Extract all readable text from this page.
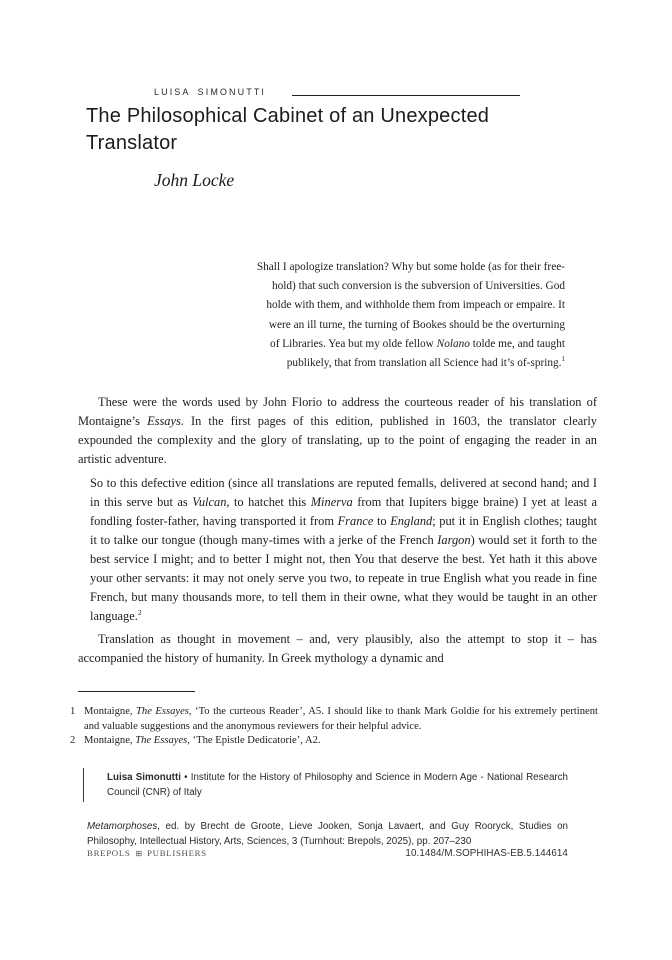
LUISA SIMONUTTI
The Philosophical Cabinet of an Unexpected Translator
John Locke
Shall I apologize translation? Why but some holde (as for their free-
hold) that such conversion is the subversion of Universities. God
holde with them, and withholde them from impeach or empaire. It
were an ill turne, the turning of Bookes should be the overturning
of Libraries. Yea but my olde fellow Nolano tolde me, and taught
publikely, that from translation all Science had it’s of-spring.$^1$

These were the words used by John Florio to address the courteous reader of his translation of Montaigne’s Essays. In the first pages of this edition, published in 1603, the translator clearly expounded the complexity and the glory of translating, up to the point of engaging the reader in an artistic adventure.

So to this defective edition (since all translations are reputed femalls, delivered at second hand; and I in this serve but as Vulcan, to hatchet this Minerva from that Iupiters bigge braine) I yet at least a fondling foster-father, having transported it from France to England; put it in English clothes; taught it to talke our tongue (though many-times with a jerke of the French Iargon) would set it forth to the best service I might; and to better I might not, then You that deserve the best. Yet hath it this above your other servants: it may not onely serve you two, to repeate in true English what you reade in fine French, but many thousands more, to tell them in their owne, what they would be taught in an other language.$^2$

Translation as thought in movement – and, very plausibly, also the attempt to stop it – has accompanied the history of humanity. In Greek mythology a dynamic and

1 Montaigne, The Essayes, ‘To the curteous Reader’, A5. I should like to thank Mark Goldie for his extremely pertinent and valuable suggestions and the anonymous reviewers for their helpful advice.
2 Montaigne, The Essayes, ‘The Epistle Dedicatorie’, A2.
Luisa Simonutti • Institute for the History of Philosophy and Science in Modern Age - National Research Council (CNR) of Italy
Metamorphoses, ed. by Brecht de Groote, Lieve Jooken, Sonja Lavaert, and Guy Rooryck, Studies on Philosophy, Intellectual History, Arts, Sciences, 3 (Turnhout: Brepols, 2025), pp. 207–230
BREPOLS ⊞ PUBLISHERS	10.1484/M.SOPHIHAS-EB.5.144614
